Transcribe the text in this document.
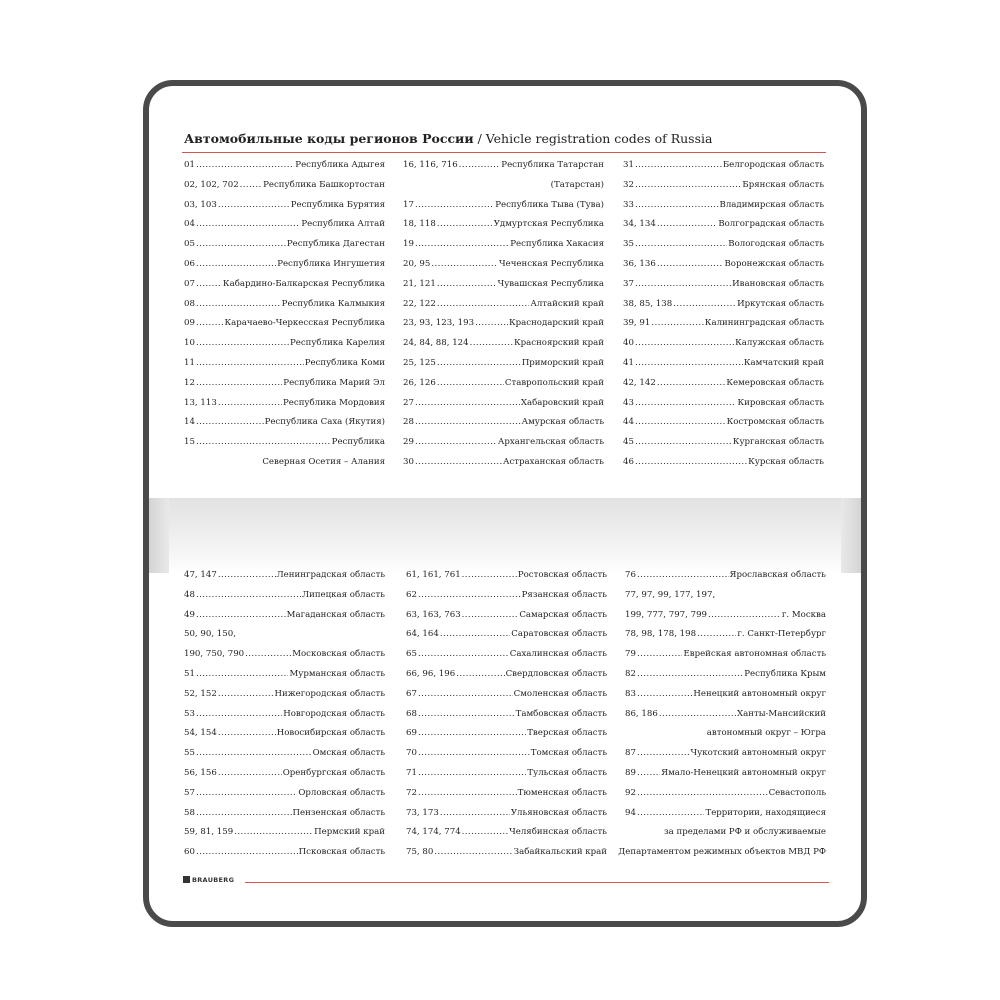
Автомобильные коды регионов России / Vehicle registration codes of Russia
01 .....	Республика Адыгея
02, 102, 702 .....	Республика Башкортостан
03, 103 .....	Республика Бурятия
04 .....	Республика Алтай
05 .....	Республика Дагестан
06 .....	Республика Ингушетия
07 .....	Кабардино-Балкарская Республика
08 .....	Республика Калмыкия
09 .....	Карачаево-Черкесская Республика
10 .....	Республика Карелия
11 .....	Республика Коми
12 .....	Республика Марий Эл
13, 113 .....	Республика Мордовия
14 .....	Республика Саха (Якутия)
15 .....	Республика
Северная Осетия – Алания
16, 116, 716 .....	Республика Татарстан
(Татарстан)
17 .....	Республика Тыва (Тува)
18, 118 .....	Удмуртская Республика
19 .....	Республика Хакасия
20, 95 .....	Чеченская Республика
21, 121 .....	Чувашская Республика
22, 122 .....	Алтайский край
23, 93, 123, 193 .....	Краснодарский край
24, 84, 88, 124 .....	Красноярский край
25, 125 .....	Приморский край
26, 126 .....	Ставропольский край
27 .....	Хабаровский край
28 .....	Амурская область
29 .....	Архангельская область
30 .....	Астраханская область
31 .....	Белгородская область
32 .....	Брянская область
33 .....	Владимирская область
34, 134 .....	Волгоградская область
35 .....	Вологодская область
36, 136 .....	Воронежская область
37 .....	Ивановская область
38, 85, 138 .....	Иркутская область
39, 91 .....	Калининградская область
40 .....	Калужская область
41 .....	Камчатский край
42, 142 .....	Кемеровская область
43 .....	Кировская область
44 .....	Костромская область
45 .....	Курганская область
46 .....	Курская область
47, 147 .....	Ленинградская область
48 .....	Липецкая область
49 .....	Магаданская область
50, 90, 150,
190, 750, 790 .....	Московская область
51 .....	Мурманская область
52, 152 .....	Нижегородская область
53 .....	Новгородская область
54, 154 .....	Новосибирская область
55 .....	Омская область
56, 156 .....	Оренбургская область
57 .....	Орловская область
58 .....	Пензенская область
59, 81, 159 .....	Пермский край
60 .....	Псковская область
61, 161, 761 .....	Ростовская область
62 .....	Рязанская область
63, 163, 763 .....	Самарская область
64, 164 .....	Саратовская область
65 .....	Сахалинская область
66, 96, 196 .....	Свердловская область
67 .....	Смоленская область
68 .....	Тамбовская область
69 .....	Тверская область
70 .....	Томская область
71 .....	Тульская область
72 .....	Тюменская область
73, 173 .....	Ульяновская область
74, 174, 774 .....	Челябинская область
75, 80 .....	Забайкальский край
76 .....	Ярославская область
77, 97, 99, 177, 197,
199, 777, 797, 799 .....	г. Москва
78, 98, 178, 198 .....	г. Санкт-Петербург
79 .....	Еврейская автономная область
82 .....	Республика Крым
83 .....	Ненецкий автономный округ
86, 186 .....	Ханты-Мансийский
автономный округ – Югра
87 .....	Чукотский автономный округ
89 .....	Ямало-Ненецкий автономный округ
92 .....	Севастополь
94 .....	Территории, находящиеся
за пределами РФ и обслуживаемые
Департаментом режимных объектов МВД РФ
BRAUBERG
